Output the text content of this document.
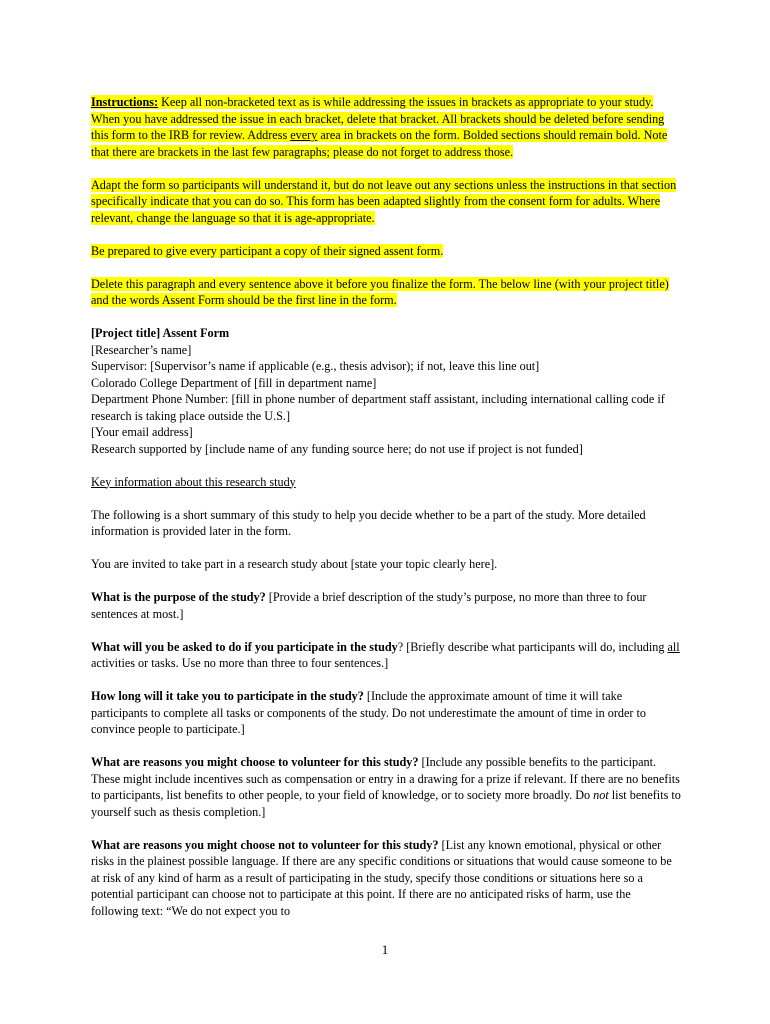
Instructions: Keep all non-bracketed text as is while addressing the issues in brackets as appropriate to your study. When you have addressed the issue in each bracket, delete that bracket. All brackets should be deleted before sending this form to the IRB for review. Address every area in brackets on the form. Bolded sections should remain bold. Note that there are brackets in the last few paragraphs; please do not forget to address those.

Adapt the form so participants will understand it, but do not leave out any sections unless the instructions in that section specifically indicate that you can do so. This form has been adapted slightly from the consent form for adults. Where relevant, change the language so that it is age-appropriate.

Be prepared to give every participant a copy of their signed assent form.

Delete this paragraph and every sentence above it before you finalize the form. The below line (with your project title) and the words Assent Form should be the first line in the form.

[Project title] Assent Form

[Researcher’s name]

Supervisor: [Supervisor’s name if applicable (e.g., thesis advisor); if not, leave this line out]

Colorado College Department of [fill in department name]

Department Phone Number: [fill in phone number of department staff assistant, including international calling code if research is taking place outside the U.S.]

[Your email address]

Research supported by [include name of any funding source here; do not use if project is not funded]

Key information about this research study

The following is a short summary of this study to help you decide whether to be a part of the study. More detailed information is provided later in the form.

You are invited to take part in a research study about [state your topic clearly here].

What is the purpose of the study? [Provide a brief description of the study’s purpose, no more than three to four sentences at most.]

What will you be asked to do if you participate in the study? [Briefly describe what participants will do, including all activities or tasks. Use no more than three to four sentences.]

How long will it take you to participate in the study? [Include the approximate amount of time it will take participants to complete all tasks or components of the study. Do not underestimate the amount of time in order to convince people to participate.]

What are reasons you might choose to volunteer for this study? [Include any possible benefits to the participant. These might include incentives such as compensation or entry in a drawing for a prize if relevant. If there are no benefits to participants, list benefits to other people, to your field of knowledge, or to society more broadly. Do not list benefits to yourself such as thesis completion.]

What are reasons you might choose not to volunteer for this study? [List any known emotional, physical or other risks in the plainest possible language. If there are any specific conditions or situations that would cause someone to be at risk of any kind of harm as a result of participating in the study, specify those conditions or situations here so a potential participant can choose not to participate at this point. If there are no anticipated risks of harm, use the following text: “We do not expect you to

1
